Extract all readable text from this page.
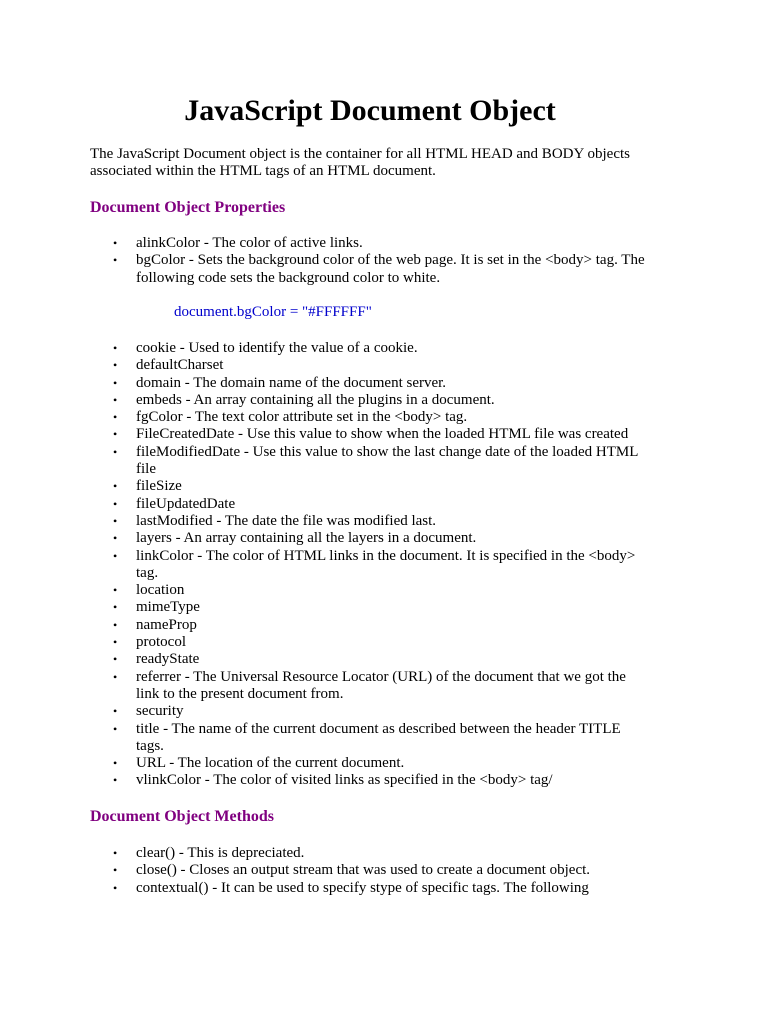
JavaScript Document Object

The JavaScript Document object is the container for all HTML HEAD and BODY objects associated within the HTML tags of an HTML document.

Document Object Properties
• alinkColor - The color of active links.
• bgColor - Sets the background color of the web page. It is set in the <body> tag. The following code sets the background color to white.

document.bgColor = "#FFFFFF"

• cookie - Used to identify the value of a cookie.
• defaultCharset
• domain - The domain name of the document server.
• embeds - An array containing all the plugins in a document.
• fgColor - The text color attribute set in the <body> tag.
• FileCreatedDate - Use this value to show when the loaded HTML file was created
• fileModifiedDate - Use this value to show the last change date of the loaded HTML file
• fileSize
• fileUpdatedDate
• lastModified - The date the file was modified last.
• layers - An array containing all the layers in a document.
• linkColor - The color of HTML links in the document. It is specified in the <body> tag.
• location
• mimeType
• nameProp
• protocol
• readyState
• referrer - The Universal Resource Locator (URL) of the document that we got the link to the present document from.
• security
• title - The name of the current document as described between the header TITLE tags.
• URL - The location of the current document.
• vlinkColor - The color of visited links as specified in the <body> tag/
Document Object Methods
• clear() - This is depreciated.
• close() - Closes an output stream that was used to create a document object.
• contextual() - It can be used to specify stype of specific tags. The following
